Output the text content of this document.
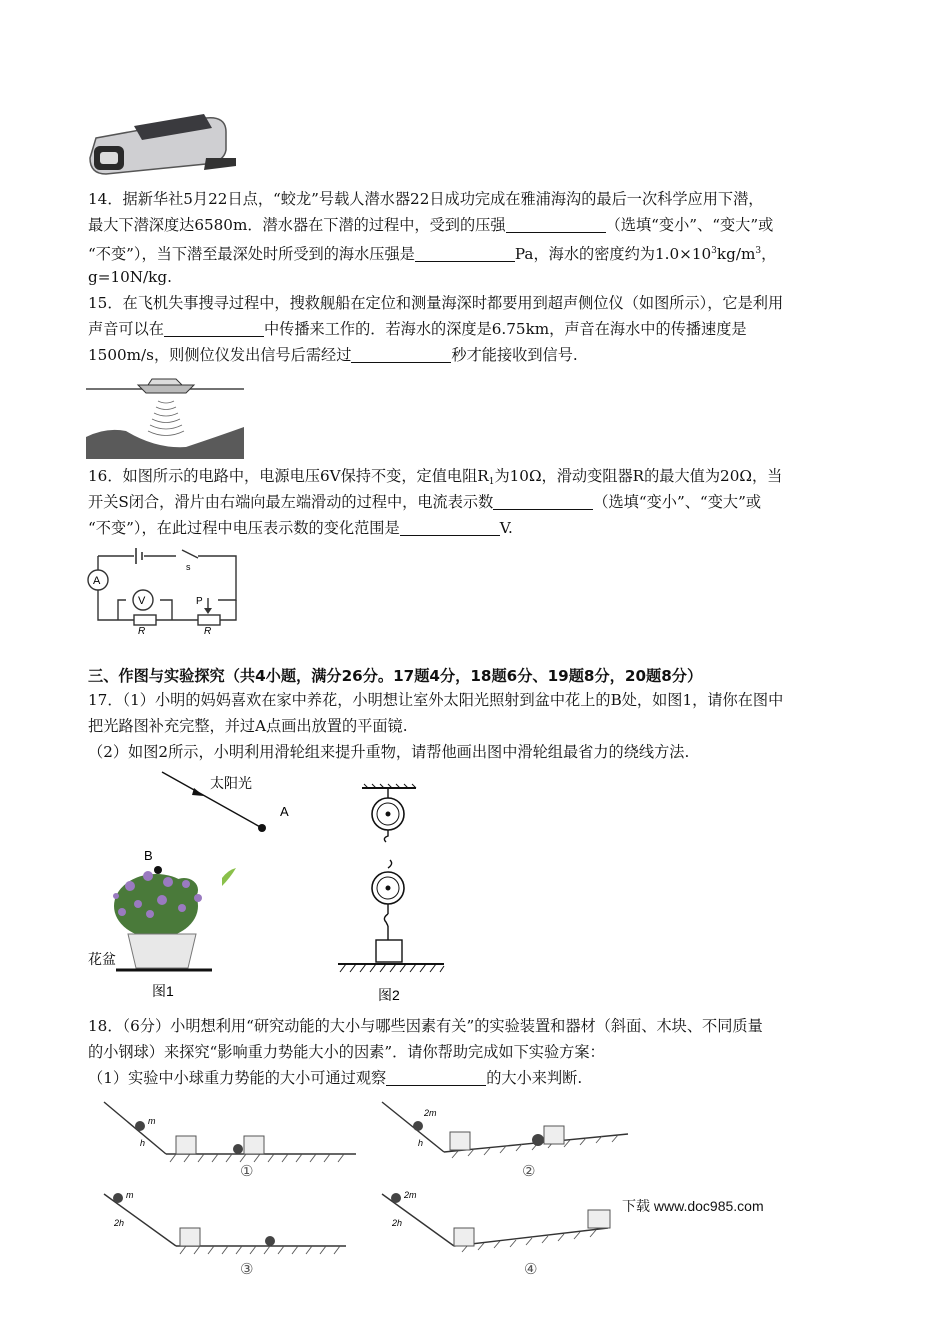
14．据新华社5月22日点，“蛟龙”号载人潜水器22日成功完成在雅浦海沟的最后一次科学应用下潜，
最大下潜深度达6580m．潜水器在下潜的过程中，受到的压强	（选填“变小”、“变大”或
“不变”），当下潜至最深处时所受到的海水压强是	Pa，海水的密度约为$1.0\times 10^3kg/m^3$，
g=10N/kg.
15．在飞机失事搜寻过程中，搜救舰船在定位和测量海深时都要用到超声侧位仪（如图所示），它是利用
声音可以在	中传播来工作的．若海水的深度是6.75km，声音在海水中的传播速度是
1500m/s，则侧位仪发出信号后需经过	秒才能接收到信号.
16．如图所示的电路中，电源电压6V保持不变，定值电阻$R_1$为10Ω，滑动变阻器R的最大值为20Ω，当
开关S闭合，滑片由右端向最左端滑动的过程中，电流表示数	（选填“变小”、“变大”或
“不变”），在此过程中电压表示数的变化范围是	V.
A
V
s
P
R	R
三、作图与实验探究（共4小题，满分26分。17题4分，18题6分、19题8分，20题8分）
17．（1）小明的妈妈喜欢在家中养花，小明想让室外太阳光照射到盆中花上的B处，如图1，请你在图中
把光路图补充完整，并过A点画出放置的平面镜.
（2）如图2所示，小明利用滑轮组来提升重物，请帮他画出图中滑轮组最省力的绕线方法.
太阳光
A
B
花盆
图1	图2
18．（6分）小明想利用“研究动能的大小与哪些因素有关”的实验装置和器材（斜面、木块、不同质量
的小钢球）来探究“影响重力势能大小的因素”．请你帮助完成如下实验方案：
（1）实验中小球重力势能的大小可通过观察	的大小来判断.
m
h
①
2m
h
②
m
2h
③
2m
2h
④
下载 www.doc985.com
